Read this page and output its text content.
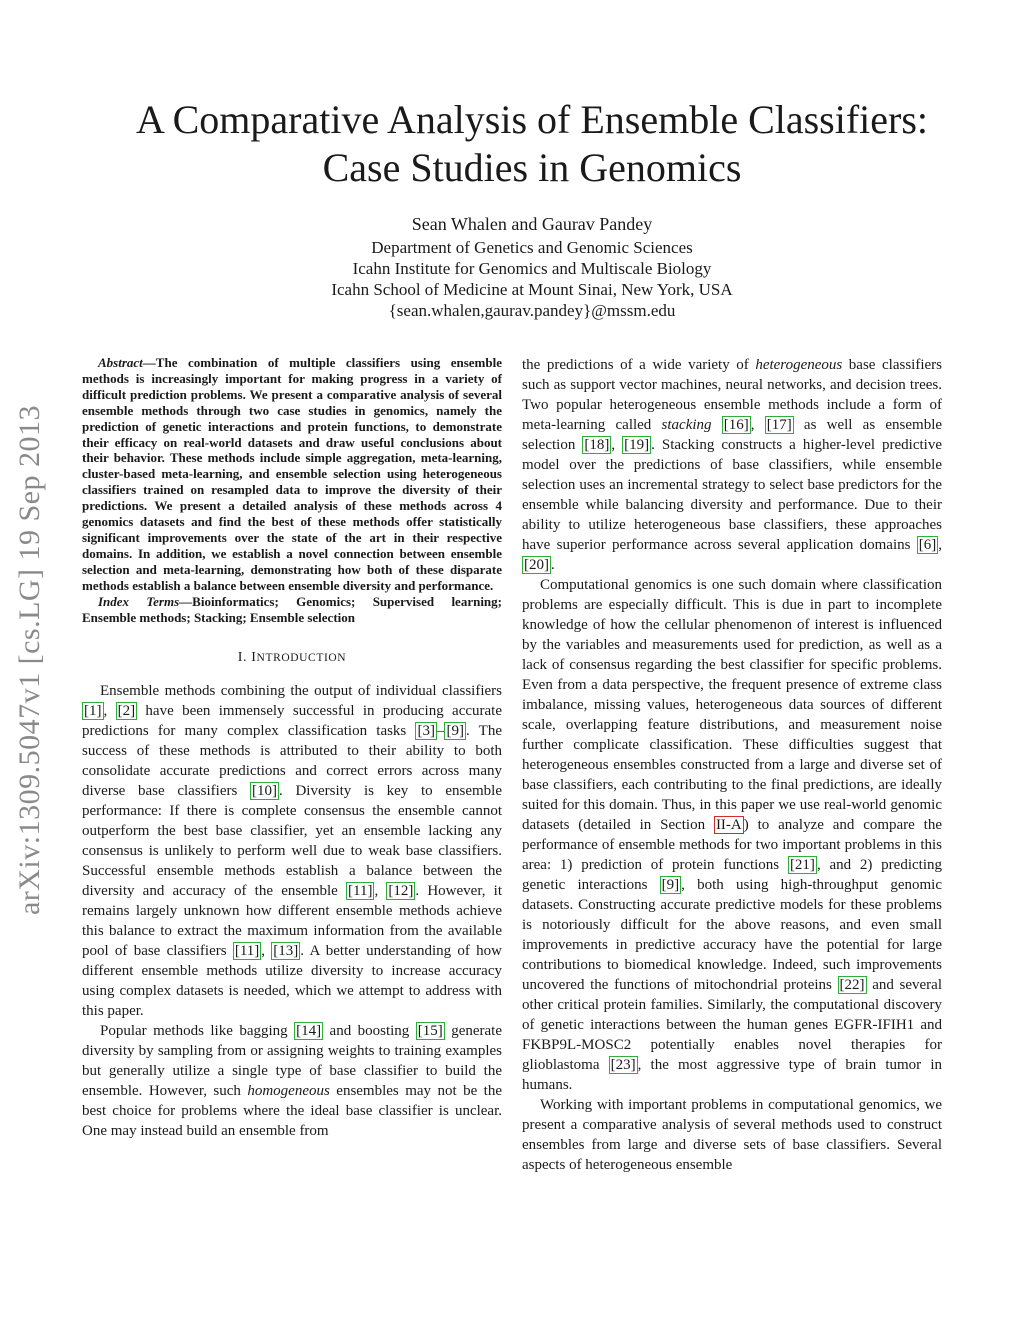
arXiv:1309.5047v1 [cs.LG] 19 Sep 2013
A Comparative Analysis of Ensemble Classifiers:
Case Studies in Genomics
Sean Whalen and Gaurav Pandey
Department of Genetics and Genomic Sciences
Icahn Institute for Genomics and Multiscale Biology
Icahn School of Medicine at Mount Sinai, New York, USA
{sean.whalen,gaurav.pandey}@mssm.edu

Abstract—The combination of multiple classifiers using ensemble methods is increasingly important for making progress in a variety of difficult prediction problems. We present a comparative analysis of several ensemble methods through two case studies in genomics, namely the prediction of genetic interactions and protein functions, to demonstrate their efficacy on real-world datasets and draw useful conclusions about their behavior. These methods include simple aggregation, meta-learning, cluster-based meta-learning, and ensemble selection using heterogeneous classifiers trained on resampled data to improve the diversity of their predictions. We present a detailed analysis of these methods across 4 genomics datasets and find the best of these methods offer statistically significant improvements over the state of the art in their respective domains. In addition, we establish a novel connection between ensemble selection and meta-learning, demonstrating how both of these disparate methods establish a balance between ensemble diversity and performance.

Index Terms—Bioinformatics; Genomics; Supervised learning; Ensemble methods; Stacking; Ensemble selection

I. INTRODUCTION

Ensemble methods combining the output of individual classifiers [1] , [2] have been immensely successful in producing accurate predictions for many complex classification tasks [3] – [9] . The success of these methods is attributed to their ability to both consolidate accurate predictions and correct errors across many diverse base classifiers [10] . Diversity is key to ensemble performance: If there is complete consensus the ensemble cannot outperform the best base classifier, yet an ensemble lacking any consensus is unlikely to perform well due to weak base classifiers. Successful ensemble methods establish a balance between the diversity and accuracy of the ensemble [11] , [12] . However, it remains largely unknown how different ensemble methods achieve this balance to extract the maximum information from the available pool of base classifiers [11] , [13] . A better understanding of how different ensemble methods utilize diversity to increase accuracy using complex datasets is needed, which we attempt to address with this paper.

Popular methods like bagging [14] and boosting [15] generate diversity by sampling from or assigning weights to training examples but generally utilize a single type of base classifier to build the ensemble. However, such homogeneous ensembles may not be the best choice for problems where the ideal base classifier is unclear. One may instead build an ensemble from

the predictions of a wide variety of heterogeneous base classifiers such as support vector machines, neural networks, and decision trees. Two popular heterogeneous ensemble methods include a form of meta-learning called stacking [16] , [17] as well as ensemble selection [18] , [19] . Stacking constructs a higher-level predictive model over the predictions of base classifiers, while ensemble selection uses an incremental strategy to select base predictors for the ensemble while balancing diversity and performance. Due to their ability to utilize heterogeneous base classifiers, these approaches have superior performance across several application domains [6] , [20] .

Computational genomics is one such domain where classification problems are especially difficult. This is due in part to incomplete knowledge of how the cellular phenomenon of interest is influenced by the variables and measurements used for prediction, as well as a lack of consensus regarding the best classifier for specific problems. Even from a data perspective, the frequent presence of extreme class imbalance, missing values, heterogeneous data sources of different scale, overlapping feature distributions, and measurement noise further complicate classification. These difficulties suggest that heterogeneous ensembles constructed from a large and diverse set of base classifiers, each contributing to the final predictions, are ideally suited for this domain. Thus, in this paper we use real-world genomic datasets (detailed in Section II-A ) to analyze and compare the performance of ensemble methods for two important problems in this area: 1) prediction of protein functions [21] , and 2) predicting genetic interactions [9] , both using high-throughput genomic datasets. Constructing accurate predictive models for these problems is notoriously difficult for the above reasons, and even small improvements in predictive accuracy have the potential for large contributions to biomedical knowledge. Indeed, such improvements uncovered the functions of mitochondrial proteins [22] and several other critical protein families. Similarly, the computational discovery of genetic interactions between the human genes EGFR-IFIH1 and FKBP9L-MOSC2 potentially enables novel therapies for glioblastoma [23] , the most aggressive type of brain tumor in humans.

Working with important problems in computational genomics, we present a comparative analysis of several methods used to construct ensembles from large and diverse sets of base classifiers. Several aspects of heterogeneous ensemble
